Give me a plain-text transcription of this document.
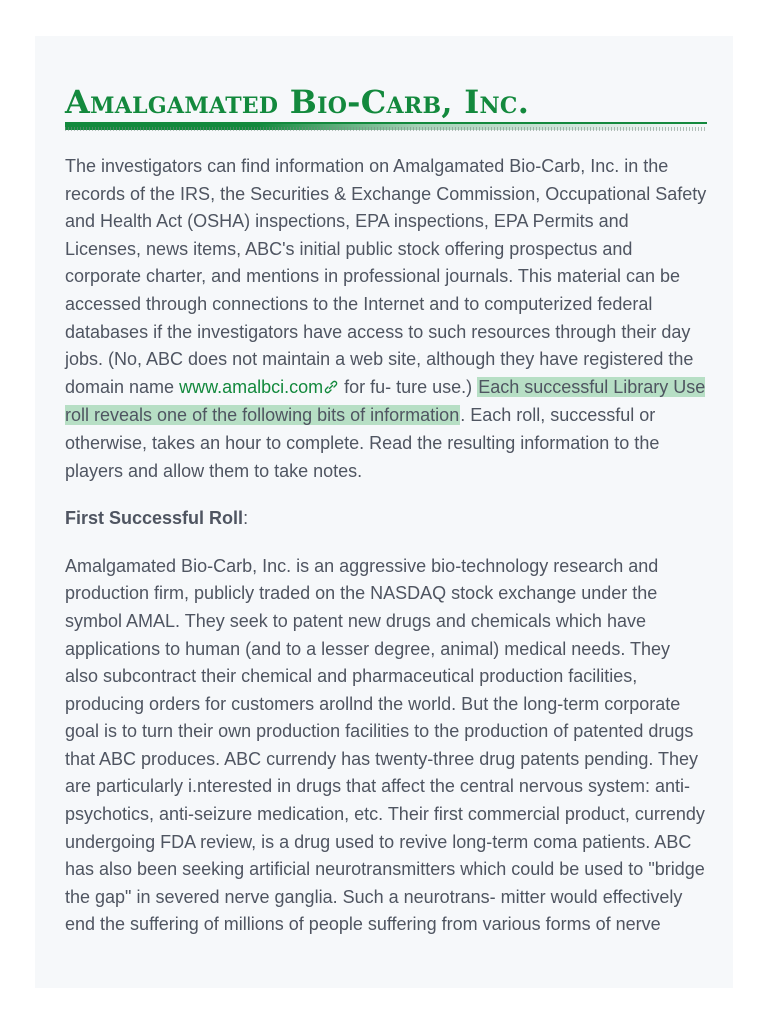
Amalgamated Bio-Carb, Inc.

The investigators can find information on Amalgamated Bio-Carb, Inc. in the records of the IRS, the Securities & Exchange Commission, Occupational Safety and Health Act (OSHA) inspections, EPA inspections, EPA Permits and Licenses, news items, ABC's initial public stock offering prospectus and corporate charter, and mentions in professional journals. This material can be accessed through connections to the Internet and to computerized federal databases if the investigators have access to such resources through their day jobs. (No, ABC does not maintain a web site, although they have registered the domain name www.amalbci.com for fu- ture use.) Each successful Library Use roll reveals one of the following bits of information. Each roll, successful or otherwise, takes an hour to complete. Read the resulting information to the players and allow them to take notes.

First Successful Roll:

Amalgamated Bio-Carb, Inc. is an aggressive bio-technology research and production firm, publicly traded on the NASDAQ stock exchange under the symbol AMAL. They seek to patent new drugs and chemicals which have applications to human (and to a lesser degree, animal) medical needs. They also subcontract their chemical and pharmaceutical production facilities, producing orders for customers arollnd the world. But the long-term corporate goal is to turn their own production facilities to the production of patented drugs that ABC produces. ABC currendy has twenty-three drug patents pending. They are particularly i.nterested in drugs that affect the central nervous system: anti-psychotics, anti-seizure medication, etc. Their first commercial product, currendy undergoing FDA review, is a drug used to revive long-term coma patients. ABC has also been seeking artificial neurotransmitters which could be used to "bridge the gap" in severed nerve ganglia. Such a neurotrans- mitter would effectively end the suffering of millions of people suffering from various forms of nerve
